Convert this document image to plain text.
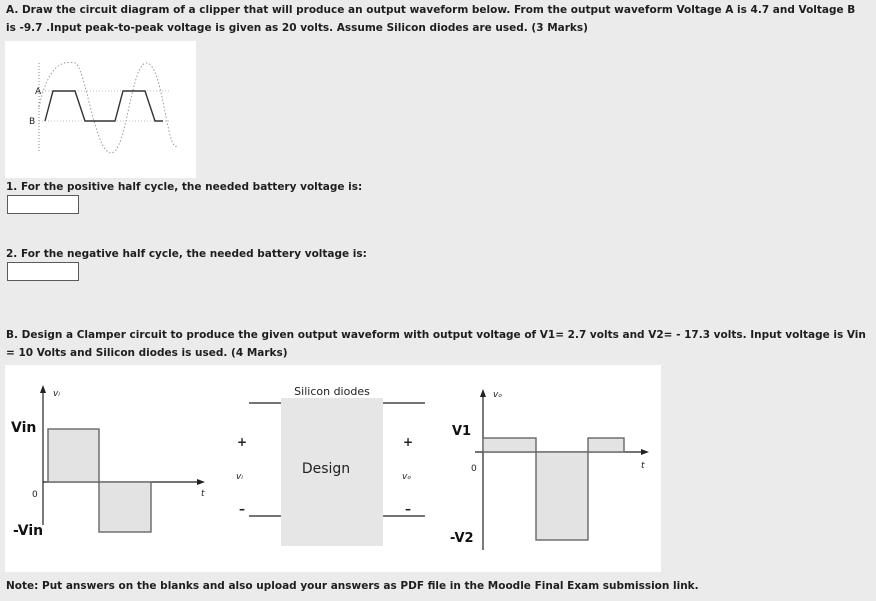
A. Draw the circuit diagram of a clipper that will produce an output waveform below. From the output waveform Voltage A is 4.7 and Voltage B is -9.7 .Input peak-to-peak voltage is given as 20 volts. Assume Silicon diodes are used. (3 Marks)
A
B
1. For the positive half cycle, the needed battery voltage is:
2. For the negative half cycle, the needed battery voltage is:
B. Design a Clamper circuit to produce the given output waveform with output voltage of V1= 2.7 volts and V2= - 17.3 volts. Input voltage is Vin = 10 Volts and Silicon diodes is used. (4 Marks)
vᵢ
Vin
0
-Vin
t
Silicon diodes
Design
+
vᵢ
–
+
vₒ
–
vₒ
V1
0
-V2
t
Note: Put answers on the blanks and also upload your answers as PDF file in the Moodle Final Exam submission link.
